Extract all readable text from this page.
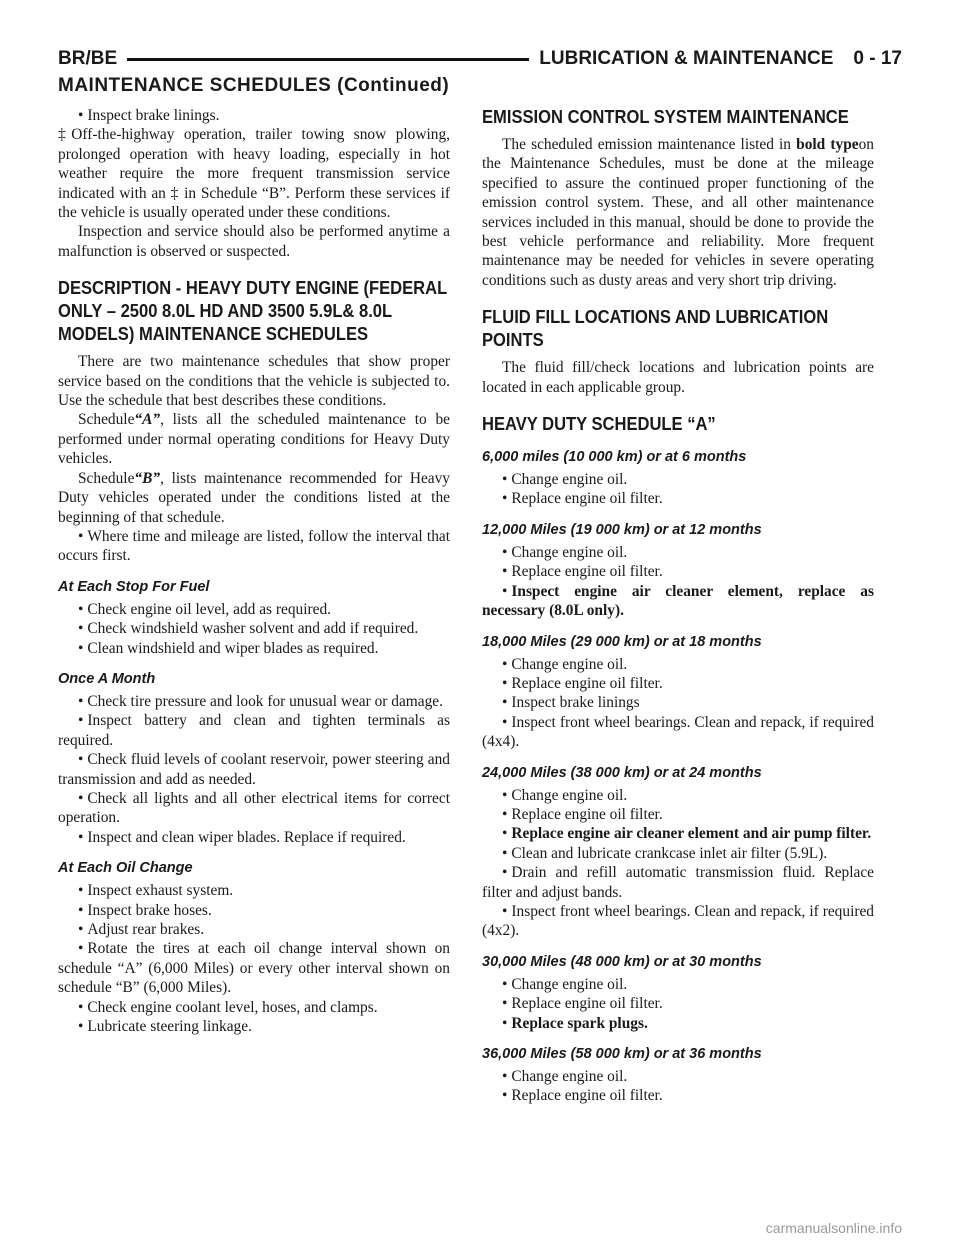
BR/BE	LUBRICATION & MAINTENANCE 0 - 17
MAINTENANCE SCHEDULES (Continued)

• Inspect brake linings.

‡Off-the-highway operation, trailer towing snow plowing, prolonged operation with heavy loading, especially in hot weather require the more frequent transmission service indicated with an ‡ in Schedule “B”. Perform these services if the vehicle is usually operated under these conditions.

Inspection and service should also be performed anytime a malfunction is observed or suspected.

DESCRIPTION - HEAVY DUTY ENGINE (FEDERAL ONLY – 2500 8.0L HD AND 3500 5.9L& 8.0L MODELS) MAINTENANCE SCHEDULES

There are two maintenance schedules that show proper service based on the conditions that the vehicle is subjected to. Use the schedule that best describes these conditions.

Schedule“A”, lists all the scheduled maintenance to be performed under normal operating conditions for Heavy Duty vehicles.

Schedule“B”, lists maintenance recommended for Heavy Duty vehicles operated under the conditions listed at the beginning of that schedule.

• Where time and mileage are listed, follow the interval that occurs first.

At Each Stop For Fuel

• Check engine oil level, add as required.

• Check windshield washer solvent and add if required.

• Clean windshield and wiper blades as required.

Once A Month

• Check tire pressure and look for unusual wear or damage.

• Inspect battery and clean and tighten terminals as required.

• Check fluid levels of coolant reservoir, power steering and transmission and add as needed.

• Check all lights and all other electrical items for correct operation.

• Inspect and clean wiper blades. Replace if required.

At Each Oil Change

• Inspect exhaust system.

• Inspect brake hoses.

• Adjust rear brakes.

• Rotate the tires at each oil change interval shown on schedule “A” (6,000 Miles) or every other interval shown on schedule “B” (6,000 Miles).

• Check engine coolant level, hoses, and clamps.

• Lubricate steering linkage.

EMISSION CONTROL SYSTEM MAINTENANCE

The scheduled emission maintenance listed in bold typeon the Maintenance Schedules, must be done at the mileage specified to assure the continued proper functioning of the emission control system. These, and all other maintenance services included in this manual, should be done to provide the best vehicle performance and reliability. More frequent maintenance may be needed for vehicles in severe operating conditions such as dusty areas and very short trip driving.

FLUID FILL LOCATIONS AND LUBRICATION POINTS

The fluid fill/check locations and lubrication points are located in each applicable group.

HEAVY DUTY SCHEDULE “A”
6,000 miles (10 000 km) or at 6 months

• Change engine oil.

• Replace engine oil filter.

12,000 Miles (19 000 km) or at 12 months

• Change engine oil.

• Replace engine oil filter.

• Inspect engine air cleaner element, replace as necessary (8.0L only).

18,000 Miles (29 000 km) or at 18 months

• Change engine oil.

• Replace engine oil filter.

• Inspect brake linings

• Inspect front wheel bearings. Clean and repack, if required (4x4).

24,000 Miles (38 000 km) or at 24 months

• Change engine oil.

• Replace engine oil filter.

• Replace engine air cleaner element and air pump filter.

• Clean and lubricate crankcase inlet air filter (5.9L).

• Drain and refill automatic transmission fluid. Replace filter and adjust bands.

• Inspect front wheel bearings. Clean and repack, if required (4x2).

30,000 Miles (48 000 km) or at 30 months

• Change engine oil.

• Replace engine oil filter.

• Replace spark plugs.

36,000 Miles (58 000 km) or at 36 months

• Change engine oil.

• Replace engine oil filter.

carmanualsonline.info
